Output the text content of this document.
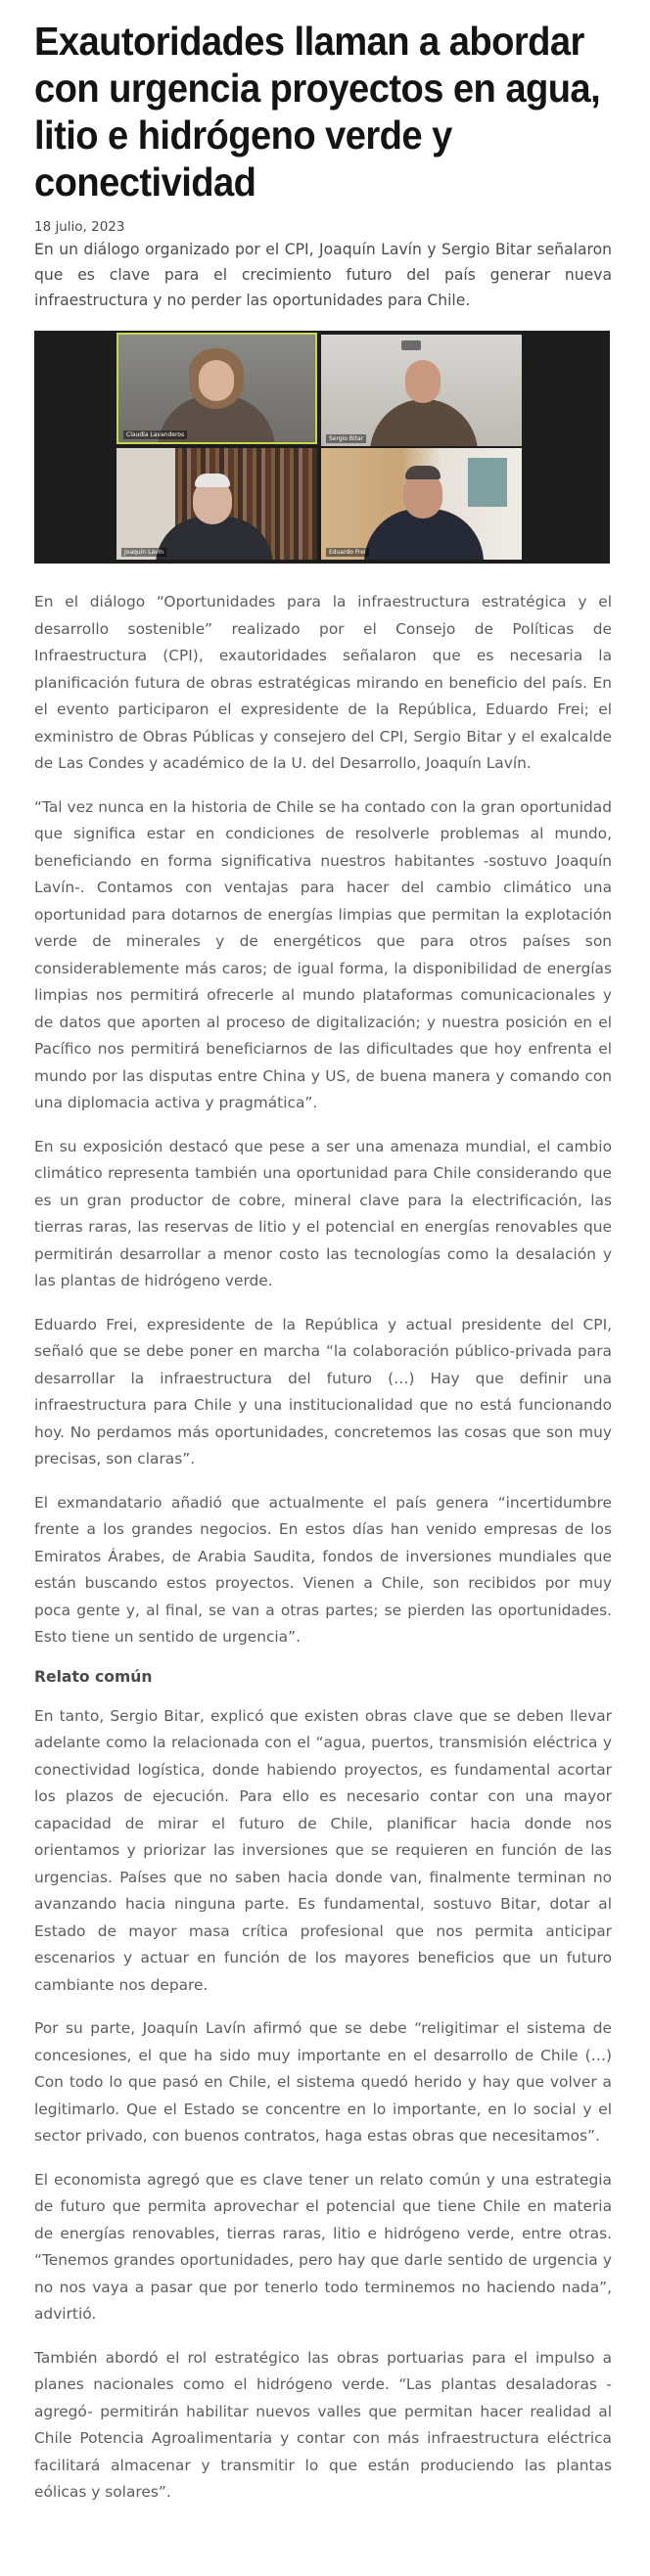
Exautoridades llaman a abordar con urgencia proyectos en agua, litio e hidrógeno verde y conectividad
18 julio, 2023

En un diálogo organizado por el CPI, Joaquín Lavín y Sergio Bitar señalaron que es clave para el crecimiento futuro del país generar nueva infraestructura y no perder las oportunidades para Chile.

Claudia Lavanderos
Sergio Bitar
Joaquín Lavín	Eduardo Frei

En el diálogo “Oportunidades para la infraestructura estratégica y el desarrollo sostenible” realizado por el Consejo de Políticas de Infraestructura (CPI), exautoridades señalaron que es necesaria la planificación futura de obras estratégicas mirando en beneficio del país. En el evento participaron el expresidente de la República, Eduardo Frei; el exministro de Obras Públicas y consejero del CPI, Sergio Bitar y el exalcalde de Las Condes y académico de la U. del Desarrollo, Joaquín Lavín.

“Tal vez nunca en la historia de Chile se ha contado con la gran oportunidad que significa estar en condiciones de resolverle problemas al mundo, beneficiando en forma significativa nuestros habitantes -sostuvo Joaquín Lavín-. Contamos con ventajas para hacer del cambio climático una oportunidad para dotarnos de energías limpias que permitan la explotación verde de minerales y de energéticos que para otros países son considerablemente más caros; de igual forma, la disponibilidad de energías limpias nos permitirá ofrecerle al mundo plataformas comunicacionales y de datos que aporten al proceso de digitalización; y nuestra posición en el Pacífico nos permitirá beneficiarnos de las dificultades que hoy enfrenta el mundo por las disputas entre China y US, de buena manera y comando con una diplomacia activa y pragmática”.

En su exposición destacó que pese a ser una amenaza mundial, el cambio climático representa también una oportunidad para Chile considerando que es un gran productor de cobre, mineral clave para la electrificación, las tierras raras, las reservas de litio y el potencial en energías renovables que permitirán desarrollar a menor costo las tecnologías como la desalación y las plantas de hidrógeno verde.

Eduardo Frei, expresidente de la República y actual presidente del CPI, señaló que se debe poner en marcha “la colaboración público-privada para desarrollar la infraestructura del futuro (…) Hay que definir una infraestructura para Chile y una institucionalidad que no está funcionando hoy. No perdamos más oportunidades, concretemos las cosas que son muy precisas, son claras”.

El exmandatario añadió que actualmente el país genera “incertidumbre frente a los grandes negocios. En estos días han venido empresas de los Emiratos Árabes, de Arabia Saudita, fondos de inversiones mundiales que están buscando estos proyectos. Vienen a Chile, son recibidos por muy poca gente y, al final, se van a otras partes; se pierden las oportunidades. Esto tiene un sentido de urgencia”.

Relato común

En tanto, Sergio Bitar, explicó que existen obras clave que se deben llevar adelante como la relacionada con el “agua, puertos, transmisión eléctrica y conectividad logística, donde habiendo proyectos, es fundamental acortar los plazos de ejecución. Para ello es necesario contar con una mayor capacidad de mirar el futuro de Chile, planificar hacia donde nos orientamos y priorizar las inversiones que se requieren en función de las urgencias. Países que no saben hacia donde van, finalmente terminan no avanzando hacia ninguna parte. Es fundamental, sostuvo Bitar, dotar al Estado de mayor masa crítica profesional que nos permita anticipar escenarios y actuar en función de los mayores beneficios que un futuro cambiante nos depare.

Por su parte, Joaquín Lavín afirmó que se debe “religitimar el sistema de concesiones, el que ha sido muy importante en el desarrollo de Chile (…) Con todo lo que pasó en Chile, el sistema quedó herido y hay que volver a legitimarlo. Que el Estado se concentre en lo importante, en lo social y el sector privado, con buenos contratos, haga estas obras que necesitamos”.

El economista agregó que es clave tener un relato común y una estrategia de futuro que permita aprovechar el potencial que tiene Chile en materia de energías renovables, tierras raras, litio e hidrógeno verde, entre otras. “Tenemos grandes oportunidades, pero hay que darle sentido de urgencia y no nos vaya a pasar que por tenerlo todo terminemos no haciendo nada”, advirtió.

También abordó el rol estratégico las obras portuarias para el impulso a planes nacionales como el hidrógeno verde. “Las plantas desaladoras -agregó- permitirán habilitar nuevos valles que permitan hacer realidad al Chile Potencia Agroalimentaria y contar con más infraestructura eléctrica facilitará almacenar y transmitir lo que están produciendo las plantas eólicas y solares”.
